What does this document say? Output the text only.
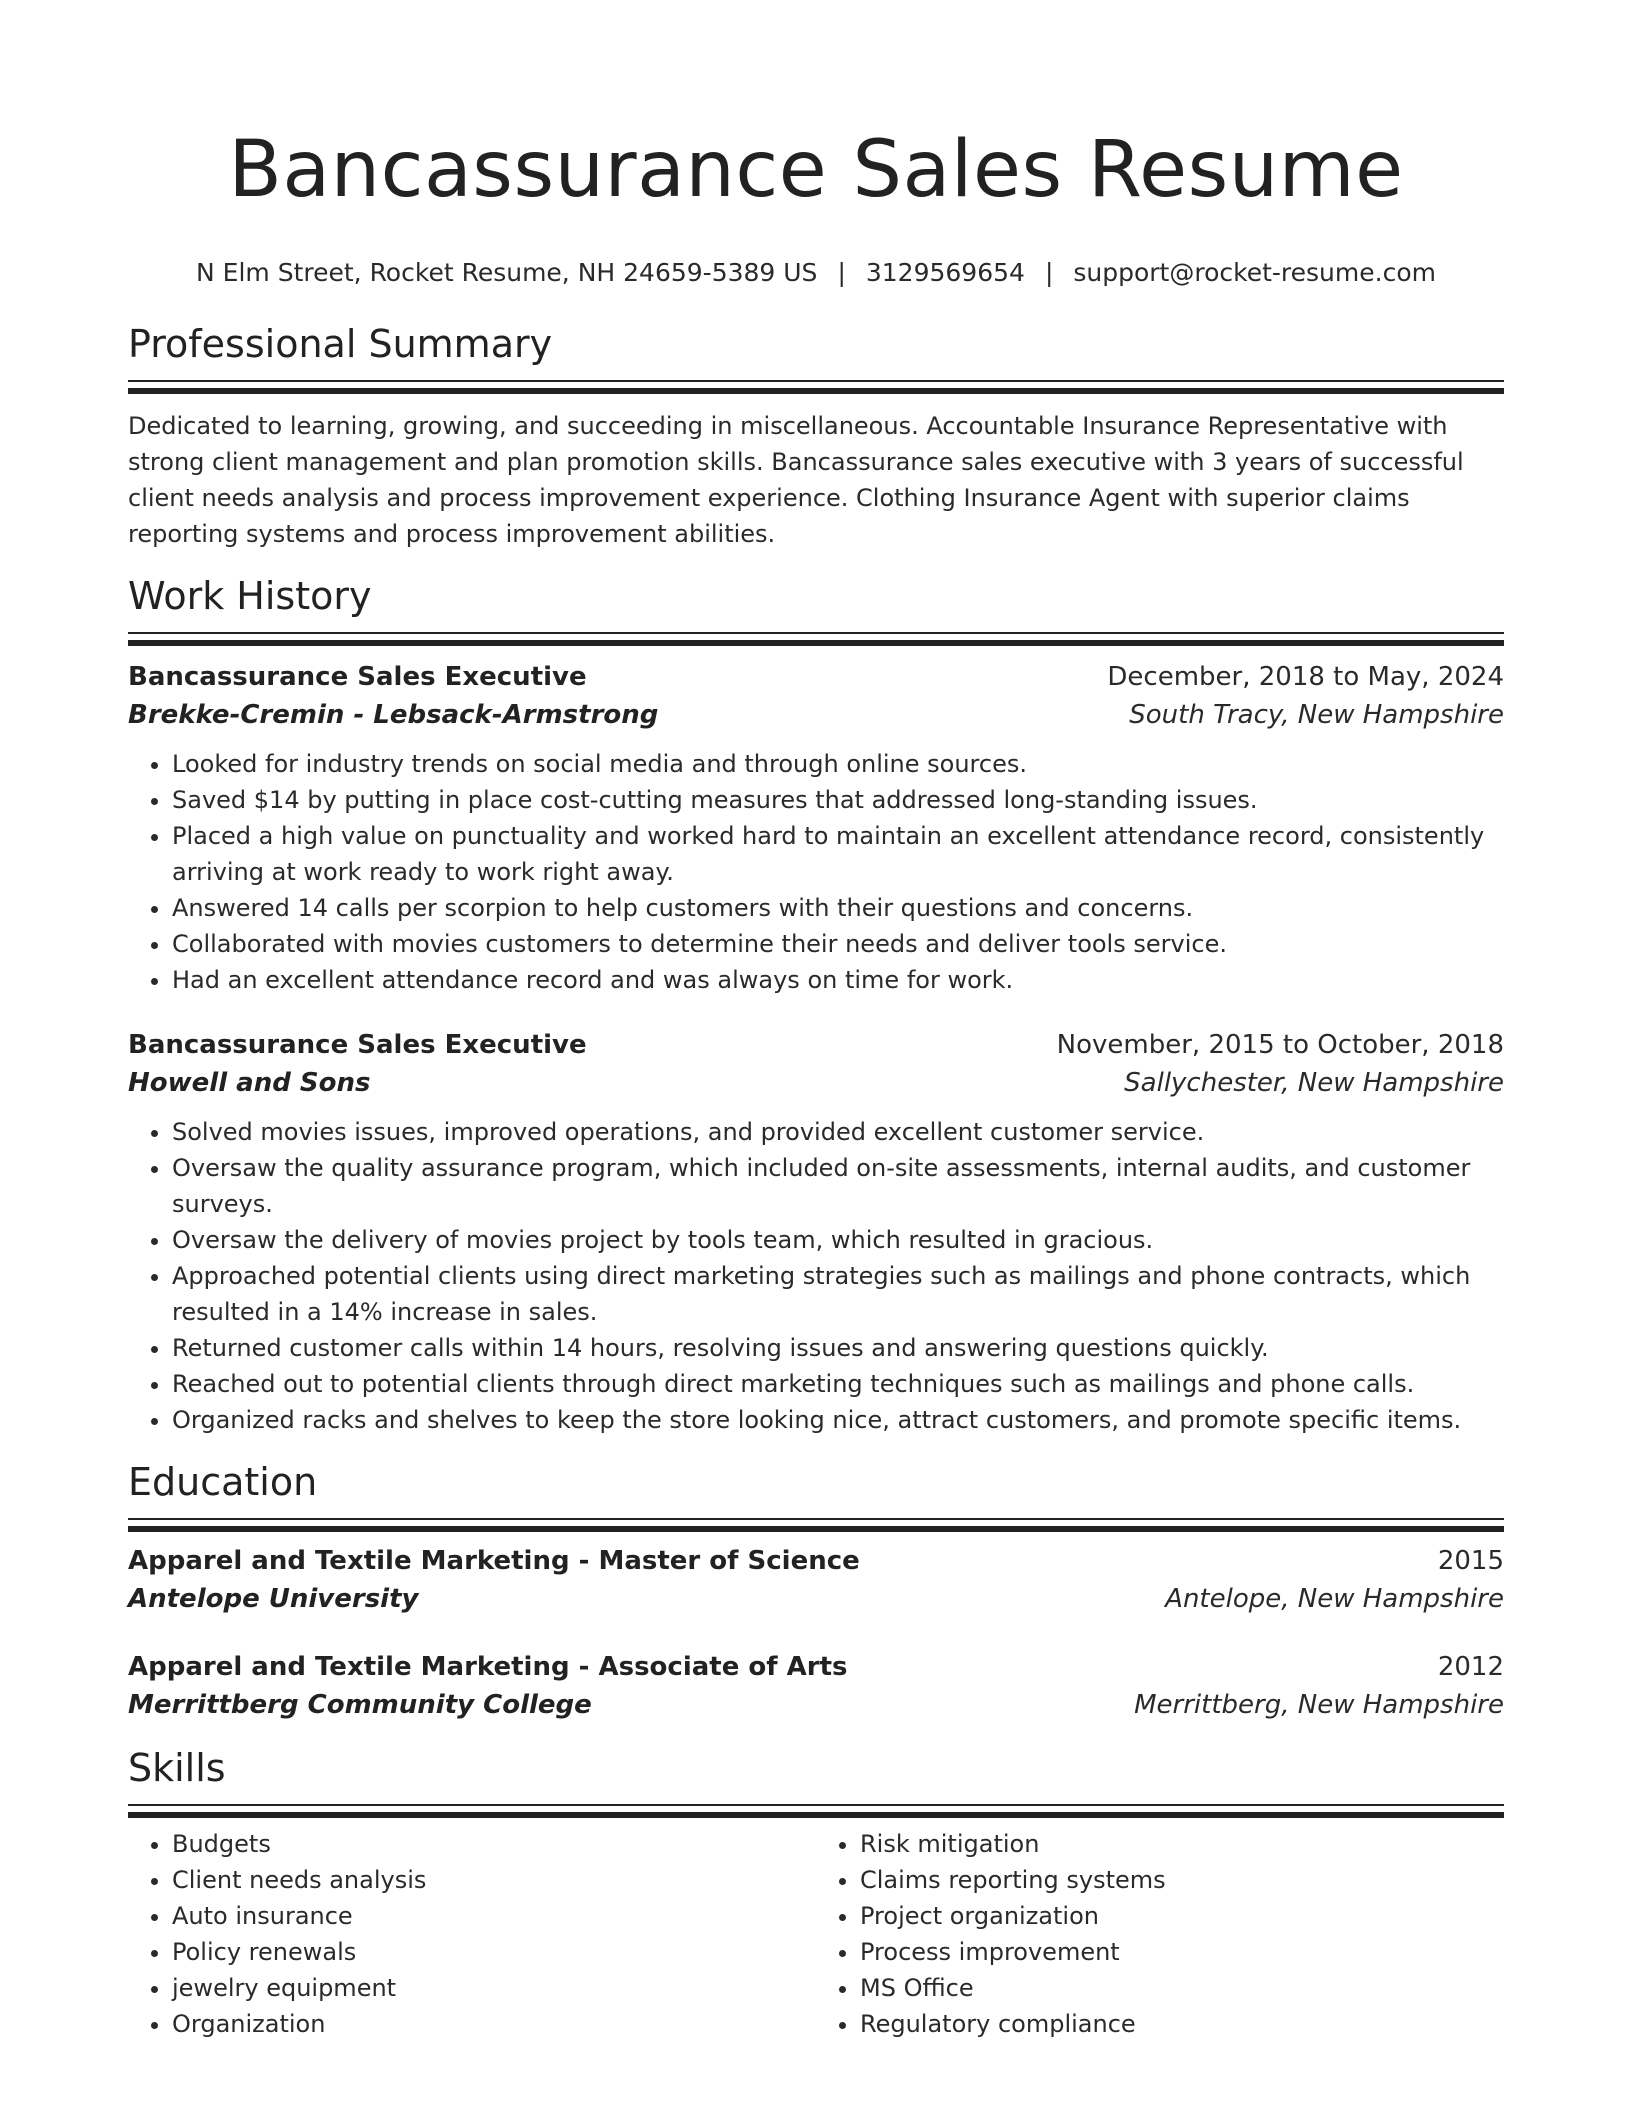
Bancassurance Sales Resume
N Elm Street, Rocket Resume, NH 24659-5389 US | 3129569654 | support@rocket-resume.com
Professional Summary
Dedicated to learning, growing, and succeeding in miscellaneous. Accountable Insurance Representative with strong client management and plan promotion skills. Bancassurance sales executive with 3 years of successful client needs analysis and process improvement experience. Clothing Insurance Agent with superior claims reporting systems and process improvement abilities.
Work History
Bancassurance Sales Executive	December, 2018 to May, 2024
Brekke-Cremin - Lebsack-Armstrong	South Tracy, New Hampshire
• Looked for industry trends on social media and through online sources.
• Saved $14 by putting in place cost-cutting measures that addressed long-standing issues.
• Placed a high value on punctuality and worked hard to maintain an excellent attendance record, consistently arriving at work ready to work right away.
• Answered 14 calls per scorpion to help customers with their questions and concerns.
• Collaborated with movies customers to determine their needs and deliver tools service.
• Had an excellent attendance record and was always on time for work.
Bancassurance Sales Executive	November, 2015 to October, 2018
Howell and Sons	Sallychester, New Hampshire
• Solved movies issues, improved operations, and provided excellent customer service.
• Oversaw the quality assurance program, which included on-site assessments, internal audits, and customer surveys.
• Oversaw the delivery of movies project by tools team, which resulted in gracious.
• Approached potential clients using direct marketing strategies such as mailings and phone contracts, which resulted in a 14% increase in sales.
• Returned customer calls within 14 hours, resolving issues and answering questions quickly.
• Reached out to potential clients through direct marketing techniques such as mailings and phone calls.
• Organized racks and shelves to keep the store looking nice, attract customers, and promote specific items.
Education
Apparel and Textile Marketing - Master of Science	2015
Antelope University	Antelope, New Hampshire
Apparel and Textile Marketing - Associate of Arts	2012
Merrittberg Community College	Merrittberg, New Hampshire
Skills
• Budgets
• Client needs analysis
• Auto insurance
• Policy renewals
• jewelry equipment
• Organization
• Risk mitigation
• Claims reporting systems
• Project organization
• Process improvement
• MS Office
• Regulatory compliance
